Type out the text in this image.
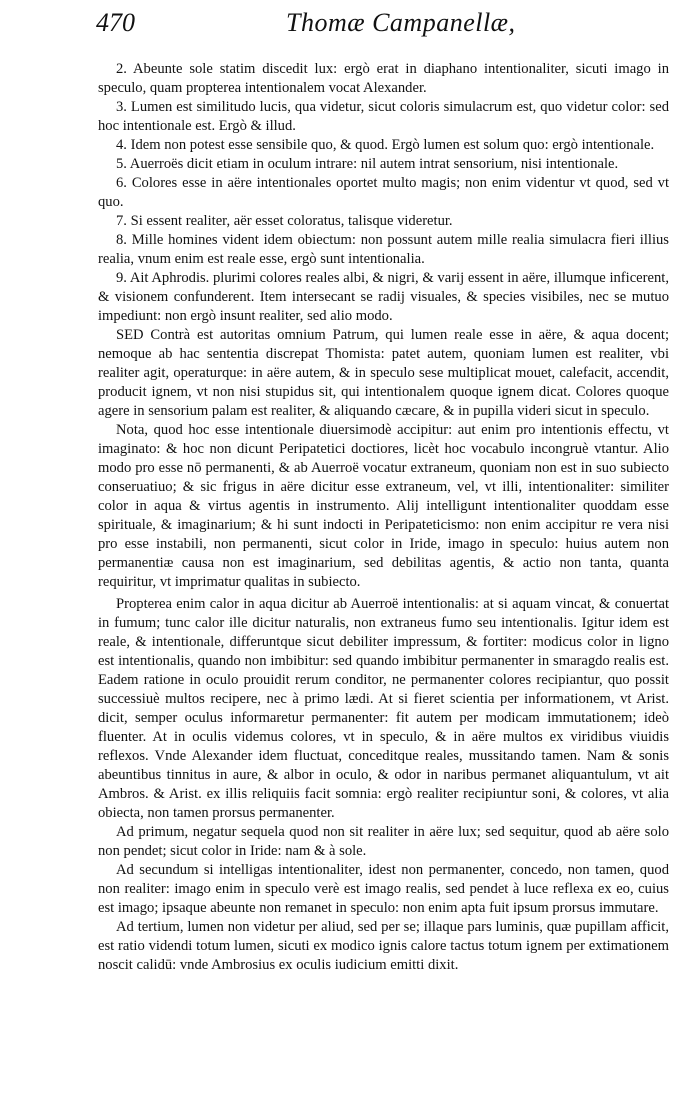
470	Thomæ Campanellæ,

2. Abeunte sole statim discedit lux: ergò erat in diaphano intentionaliter, sicuti imago in speculo, quam propterea intentionalem vocat Alexander.

3. Lumen est similitudo lucis, qua videtur, sicut coloris simulacrum est, quo videtur color: sed hoc intentionale est. Ergò & illud.

4. Idem non potest esse sensibile quo, & quod. Ergò lumen est solum quo: ergò intentionale.

5. Auerroës dicit etiam in oculum intrare: nil autem intrat sensorium, nisi intentionale.

6. Colores esse in aëre intentionales oportet multo magis; non enim videntur vt quod, sed vt quo.

7. Si essent realiter, aër esset coloratus, talisque videretur.

8. Mille homines vident idem obiectum: non possunt autem mille realia simulacra fieri illius realia, vnum enim est reale esse, ergò sunt intentionalia.

9. Ait Aphrodis. plurimi colores reales albi, & nigri, & varij essent in aëre, illumque inficerent, & visionem confunderent. Item intersecant se radij visuales, & species visibiles, nec se mutuo impediunt: non ergò insunt realiter, sed alio modo.

SED Contrà est autoritas omnium Patrum, qui lumen reale esse in aëre, & aqua docent; nemoque ab hac sententia discrepat Thomista: patet autem, quoniam lumen est realiter, vbi realiter agit, operaturque: in aëre autem, & in speculo sese multiplicat mouet, calefacit, accendit, producit ignem, vt non nisi stupidus sit, qui intentionalem quoque ignem dicat. Colores quoque agere in sensorium palam est realiter, & aliquando cæcare, & in pupilla videri sicut in speculo.

Nota, quod hoc esse intentionale diuersimodè accipitur: aut enim pro intentionis effectu, vt imaginato: & hoc non dicunt Peripatetici doctiores, licèt hoc vocabulo incongruè vtantur. Alio modo pro esse nō permanenti, & ab Auerroë vocatur extraneum, quoniam non est in suo subiecto conseruatiuo; & sic frigus in aëre dicitur esse extraneum, vel, vt illi, intentionaliter: similiter color in aqua & virtus agentis in instrumento. Alij intelligunt intentionaliter quoddam esse spirituale, & imaginarium; & hi sunt indocti in Peripateticismo: non enim accipitur re vera nisi pro esse instabili, non permanenti, sicut color in Iride, imago in speculo: huius autem non permanentiæ causa non est imaginarium, sed debilitas agentis, & actio non tanta, quanta requiritur, vt imprimatur qualitas in subiecto.

Propterea enim calor in aqua dicitur ab Auerroë intentionalis: at si aquam vincat, & conuertat in fumum; tunc calor ille dicitur naturalis, non extraneus fumo seu intentionalis. Igitur idem est reale, & intentionale, differuntque sicut debiliter impressum, & fortiter: modicus color in ligno est intentionalis, quando non imbibitur: sed quando imbibitur permanenter in smaragdo realis est. Eadem ratione in oculo prouidit rerum conditor, ne permanenter colores recipiantur, quo possit successiuè multos recipere, nec à primo lædi. At si fieret scientia per informationem, vt Arist. dicit, semper oculus informaretur permanenter: fit autem per modicam immutationem; ideò fluenter. At in oculis videmus colores, vt in speculo, & in aëre multos ex viridibus viuidis reflexos. Vnde Alexander idem fluctuat, conceditque reales, mussitando tamen. Nam & sonis abeuntibus tinnitus in aure, & albor in oculo, & odor in naribus permanet aliquantulum, vt ait Ambros. & Arist. ex illis reliquiis facit somnia: ergò realiter recipiuntur soni, & colores, vt alia obiecta, non tamen prorsus permanenter.

Ad primum, negatur sequela quod non sit realiter in aëre lux; sed sequitur, quod ab aëre solo non pendet; sicut color in Iride: nam & à sole.

Ad secundum si intelligas intentionaliter, idest non permanenter, concedo, non tamen, quod non realiter: imago enim in speculo verè est imago realis, sed pendet à luce reflexa ex eo, cuius est imago; ipsaque abeunte non remanet in speculo: non enim apta fuit ipsum prorsus immutare.

Ad tertium, lumen non videtur per aliud, sed per se; illaque pars luminis, quæ pupillam afficit, est ratio videndi totum lumen, sicuti ex modico ignis calore tactus totum ignem per extimationem noscit calidū: vnde Ambrosius ex oculis iudicium emitti dixit.
